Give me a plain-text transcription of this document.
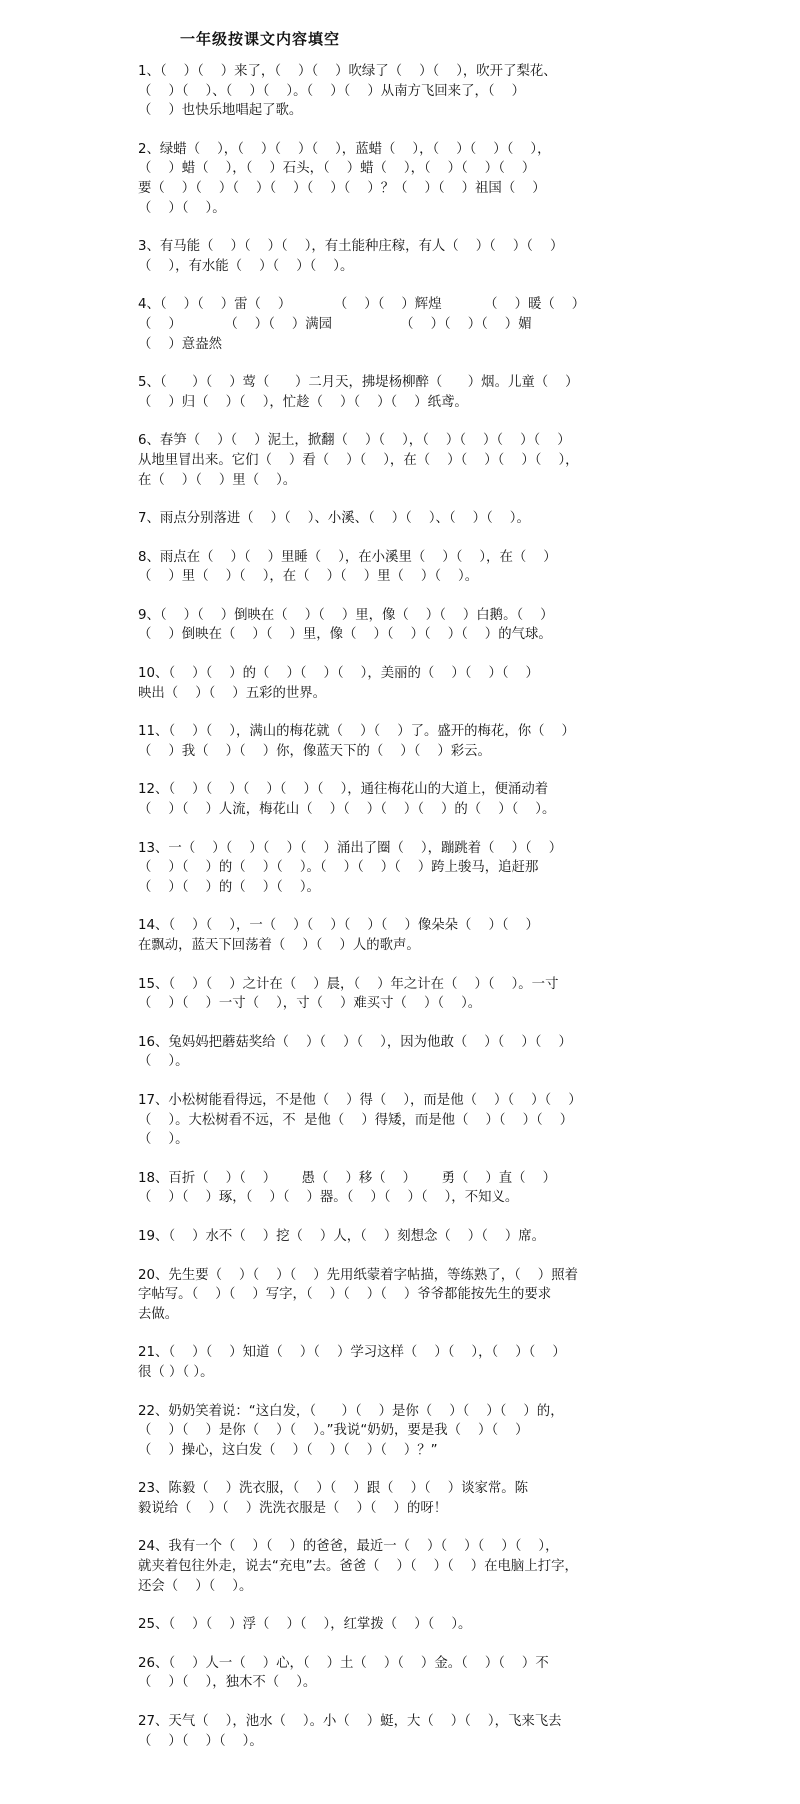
一年级按课文内容填空
1、（    ）（    ）来了，（    ）（    ）吹绿了（    ）（    ），吹开了梨花、
（    ）（    ）、（    ）（    ）。（    ）（    ）从南方飞回来了，（    ）
（    ）也快乐地唱起了歌。
2、绿蜡（    ），（    ）（    ）（    ），蓝蜡（    ），（    ）（    ）（    ），
（    ）蜡（    ），（    ）石头，（    ）蜡（    ），（    ）（    ）（    ）
要（    ）（    ）（    ）（    ）（    ）（    ）？（    ）（    ）祖国（    ）
（    ）（    ）。
3、有马能（    ）（    ）（    ），有土能种庄稼，有人（    ）（    ）（    ）
（    ），有水能（    ）（    ）（    ）。
4、（    ）（    ）雷（    ）          （    ）（    ）辉煌          （    ）暖（    ）
（    ）          （    ）（    ）满园                （    ）（    ）（    ）媚
（    ）意盎然
5、（      ）（    ）莺（      ）二月天，拂堤杨柳醉（      ）烟。儿童（    ）
（    ）归（    ）（    ），忙趁（    ）（    ）（    ）纸鸢。
6、春笋（    ）（    ）泥土，掀翻（    ）（    ），（    ）（    ）（    ）（    ）
从地里冒出来。它们（    ）看（    ）（    ），在（    ）（    ）（    ）（    ），
在（    ）（    ）里（    ）。
7、雨点分别落进（    ）（    ）、小溪、（    ）（    ）、（    ）（    ）。
8、雨点在（    ）（    ）里睡（    ），在小溪里（    ）（    ），在（    ）
（    ）里（    ）（    ），在（    ）（    ）里（    ）（    ）。
9、（    ）（    ）倒映在（    ）（    ）里，像（    ）（    ）白鹅。（    ）
（    ）倒映在（    ）（    ）里，像（    ）（    ）（    ）（    ）的气球。
10、（    ）（    ）的（    ）（    ）（    ），美丽的（    ）（    ）（    ）
映出（    ）（    ）五彩的世界。
11、（    ）（    ），满山的梅花就（    ）（    ）了。盛开的梅花，你（    ）
（    ）我（    ）（    ）你，像蓝天下的（    ）（    ）彩云。
12、（    ）（    ）（    ）（    ）（    ），通往梅花山的大道上，便涌动着
（    ）（    ）人流，梅花山（    ）（    ）（    ）（    ）的（    ）（    ）。
13、一（    ）（    ）（    ）（    ）涌出了圈（    ），蹦跳着（    ）（    ）
（    ）（    ）的（    ）（    ）。（    ）（    ）（    ）跨上骏马，追赶那
（    ）（    ）的（    ）（    ）。
14、（    ）（    ），一（    ）（    ）（    ）（    ）像朵朵（    ）（    ）
在飘动，蓝天下回荡着（    ）（    ）人的歌声。
15、（    ）（    ）之计在（    ）晨，（    ）年之计在（    ）（    ）。一寸
（    ）（    ）一寸（    ），寸（    ）难买寸（    ）（    ）。
16、兔妈妈把蘑菇奖给（    ）（    ）（    ），因为他敢（    ）（    ）（    ）
（    ）。
17、小松树能看得远，不是他（    ）得（    ），而是他（    ）（    ）（    ）
（    ）。大松树看不远，不  是他（    ）得矮，而是他（    ）（    ）（    ）
（    ）。
18、百折（    ）（    ）      愚（    ）移（    ）      勇（    ）直（    ）
（    ）（    ）琢，（    ）（    ）器。（    ）（    ）（    ），不知义。
19、（    ）水不（    ）挖（    ）人，（    ）刻想念（    ）（    ）席。
20、先生要（    ）（    ）（    ）先用纸蒙着字帖描，等练熟了，（    ）照着
字帖写。（    ）（    ）写字，（    ）（    ）（    ）爷爷都能按先生的要求
去做。
21、（    ）（    ）知道（    ）（    ）学习这样（    ）（    ），（    ）（    ）
很（ ）（ ）。
22、奶奶笑着说：“这白发，（      ）（    ）是你（    ）（    ）（    ）的，
（    ）（    ）是你（    ）（    ）。”我说“奶奶，要是我（    ）（    ）
（    ）操心，这白发（    ）（    ）（    ）（    ）？”
23、陈毅（    ）洗衣服，（    ）（    ）跟（    ）（    ）谈家常。陈
毅说给（    ）（    ）洗洗衣服是（    ）（    ）的呀！
24、我有一个（    ）（    ）的爸爸，最近一（    ）（    ）（    ）（    ），
就夹着包往外走，说去“充电”去。爸爸（    ）（    ）（    ）在电脑上打字，
还会（    ）（    ）。
25、（    ）（    ）浮（    ）（    ），红掌拨（    ）（    ）。
26、（    ）人一（    ）心，（    ）土（    ）（    ）金。（    ）（    ）不
（    ）（    ），独木不（    ）。
27、天气（    ），池水（    ）。小（    ）蜓，大（    ）（    ），飞来飞去
（    ）（    ）（    ）。
